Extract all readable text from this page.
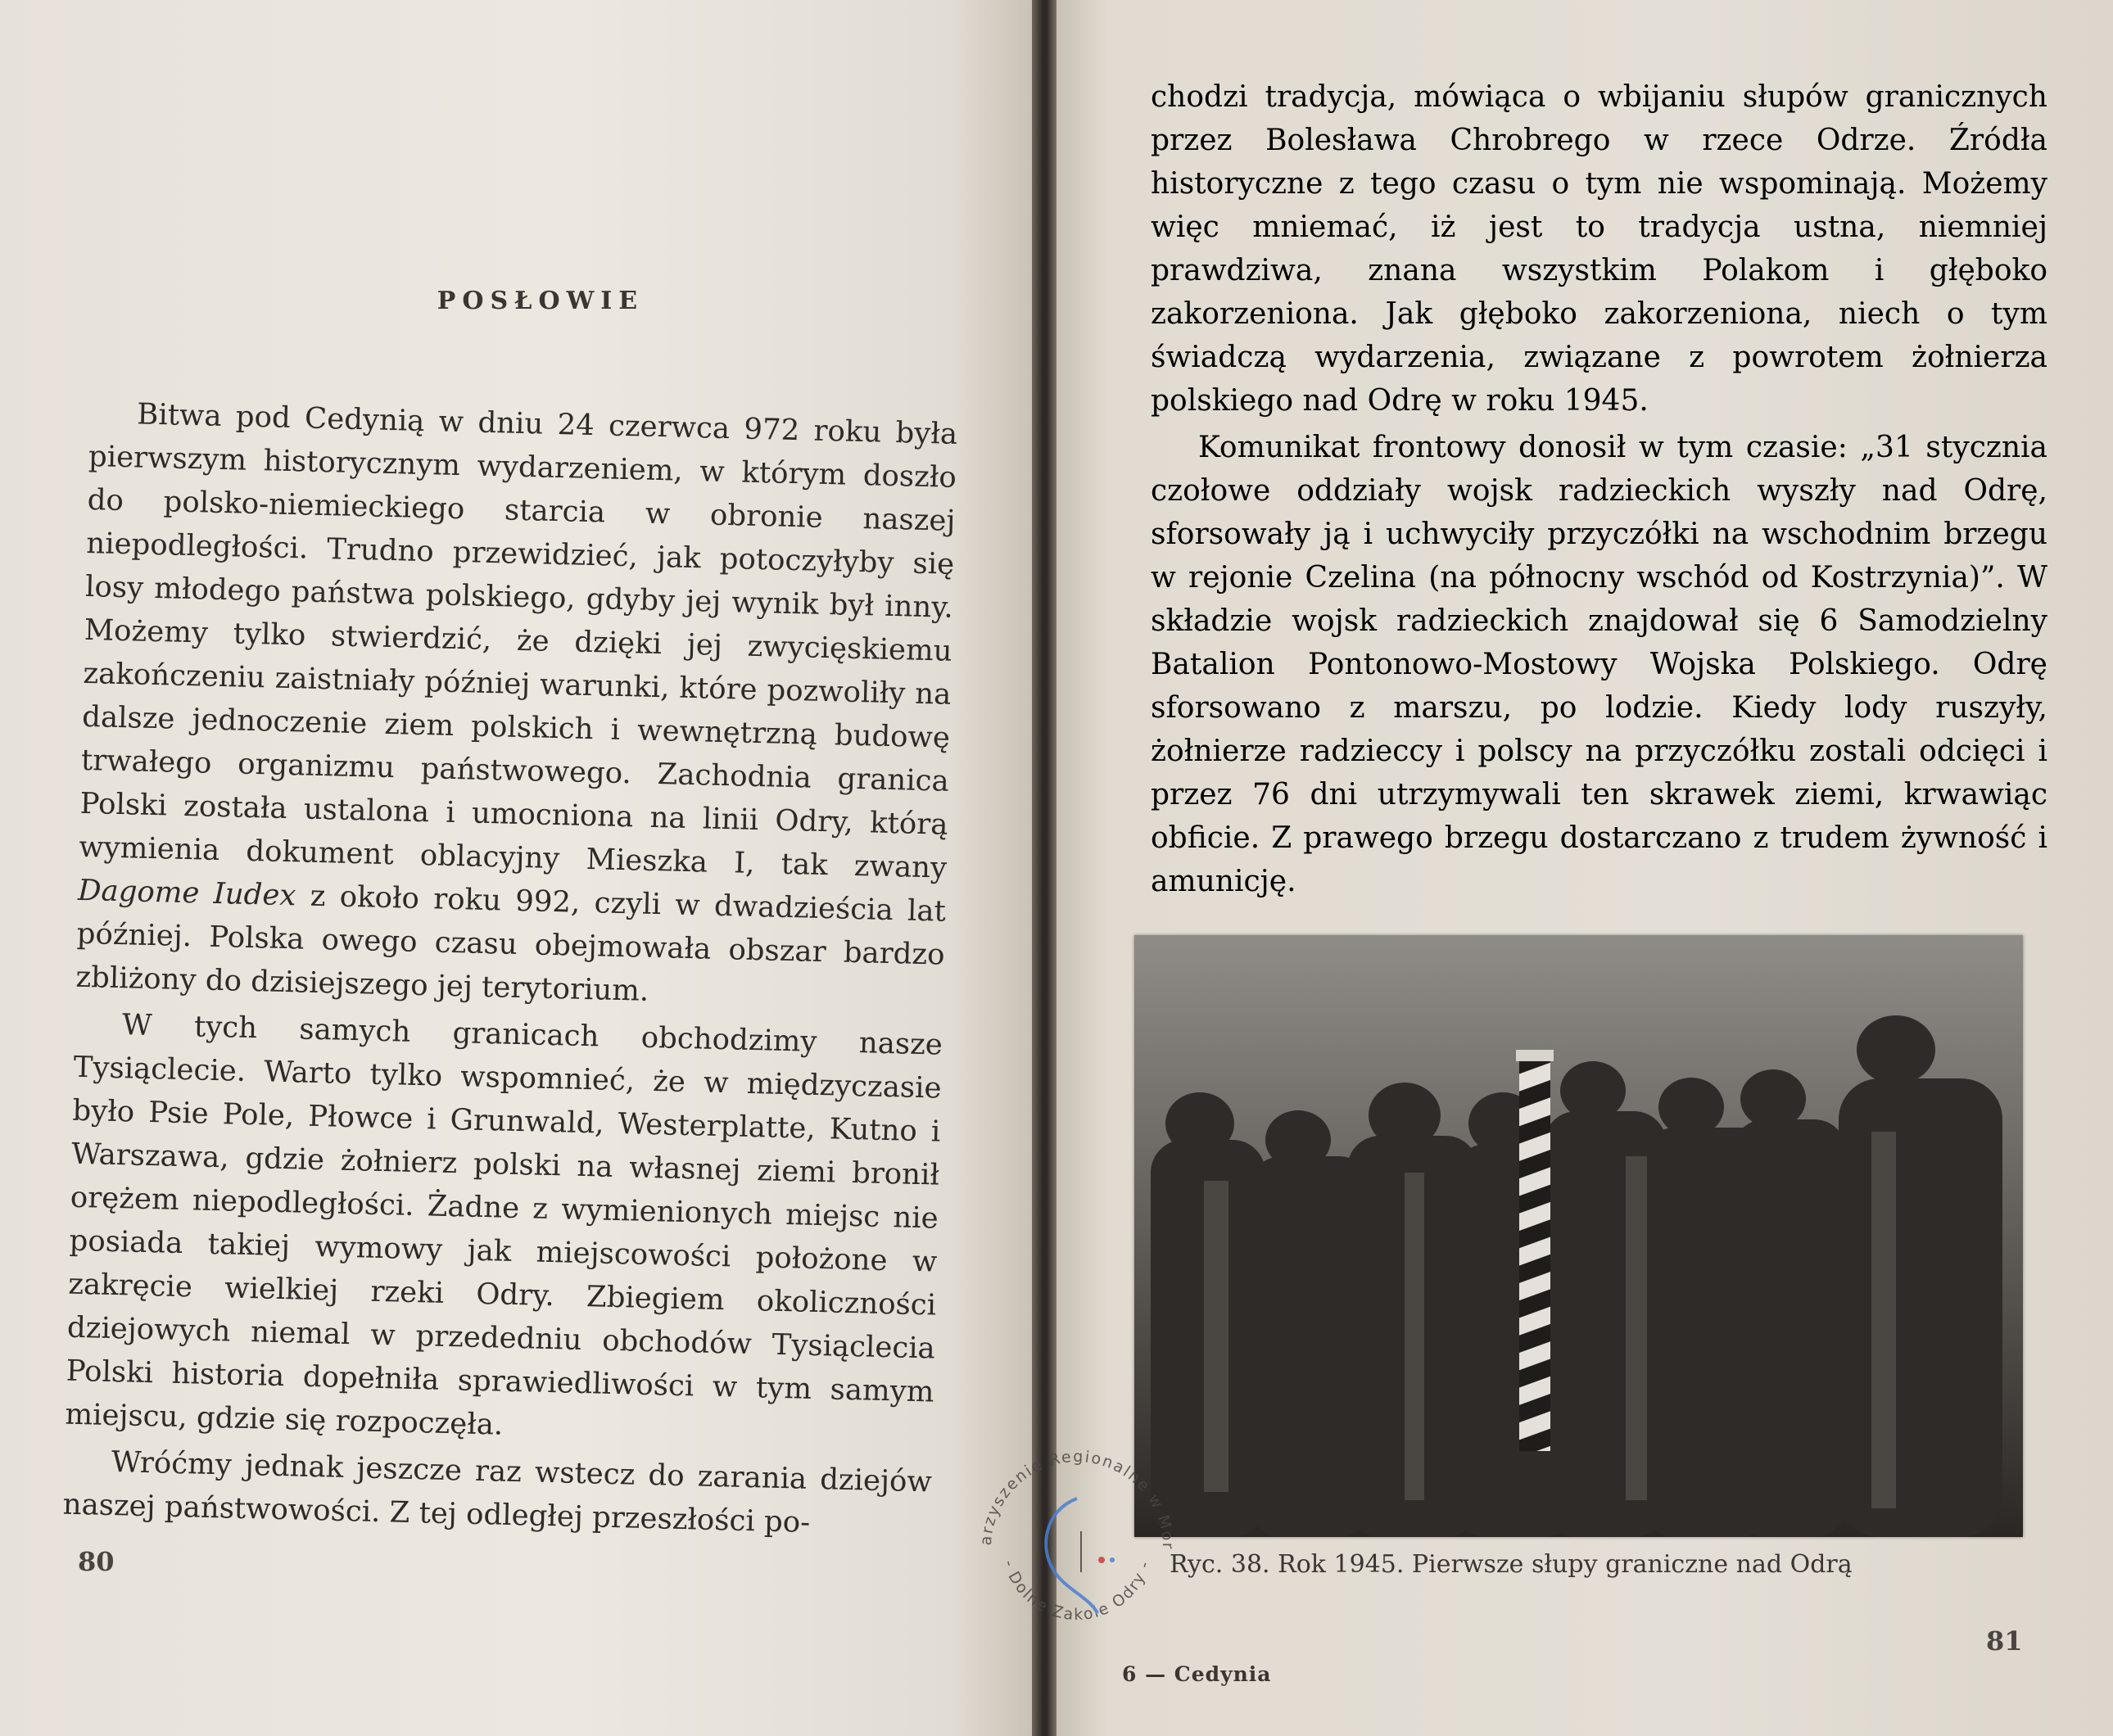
POSŁOWIE

Bitwa pod Cedynią w dniu 24 czerwca 972 roku była pierwszym historycznym wydarzeniem, w którym doszło do polsko-niemieckiego starcia w obronie naszej niepodległości. Trudno przewidzieć, jak potoczyłyby się losy młodego państwa polskiego, gdyby jej wynik był inny. Możemy tylko stwierdzić, że dzięki jej zwycięskiemu zakończeniu zaistniały później warunki, które pozwoliły na dalsze jednoczenie ziem polskich i wewnętrzną budowę trwałego organizmu państwowego. Zachodnia granica Polski została ustalona i umocniona na linii Odry, którą wymienia dokument oblacyjny Mieszka I, tak zwany Dagome Iudex z około roku 992, czyli w dwadzieścia lat później. Polska owego czasu obejmowała obszar bardzo zbliżony do dzisiejszego jej terytorium.

W tych samych granicach obchodzimy nasze Tysiąclecie. Warto tylko wspomnieć, że w międzyczasie było Psie Pole, Płowce i Grunwald, Westerplatte, Kutno i Warszawa, gdzie żołnierz polski na własnej ziemi bronił orężem niepodległości. Żadne z wymienionych miejsc nie posiada takiej wymowy jak miejscowości położone w zakręcie wielkiej rzeki Odry. Zbiegiem okoliczności dziejowych niemal w przededniu obchodów Tysiąclecia Polski historia dopełniła sprawiedliwości w tym samym miejscu, gdzie się rozpoczęła.

Wróćmy jednak jeszcze raz wstecz do zarania dziejów naszej państwowości. Z tej odległej przeszłości po-

80

chodzi tradycja, mówiąca o wbijaniu słupów granicznych przez Bolesława Chrobrego w rzece Odrze. Źródła historyczne z tego czasu o tym nie wspominają. Możemy więc mniemać, iż jest to tradycja ustna, niemniej prawdziwa, znana wszystkim Polakom i głęboko zakorzeniona. Jak głęboko zakorzeniona, niech o tym świadczą wydarzenia, związane z powrotem żołnierza polskiego nad Odrę w roku 1945.

Komunikat frontowy donosił w tym czasie: „31 stycznia czołowe oddziały wojsk radzieckich wyszły nad Odrę, sforsowały ją i uchwyciły przyczółki na wschodnim brzegu w rejonie Czelina (na północny wschód od Kostrzynia)”. W składzie wojsk radzieckich znajdował się 6 Samodzielny Batalion Pontonowo-Mostowy Wojska Polskiego. Odrę sforsowano z marszu, po lodzie. Kiedy lody ruszyły, żołnierze radzieccy i polscy na przyczółku zostali odcięci i przez 76 dni utrzymywali ten skrawek ziemi, krwawiąc obficie. Z prawego brzegu dostarczano z trudem żywność i amunicję.

Ryc. 38. Rok 1945. Pierwsze słupy graniczne nad Odrą
6 — Cedynia
81
arzyszenie Regionalne w Mor
- Dolne Zakole Odry -
